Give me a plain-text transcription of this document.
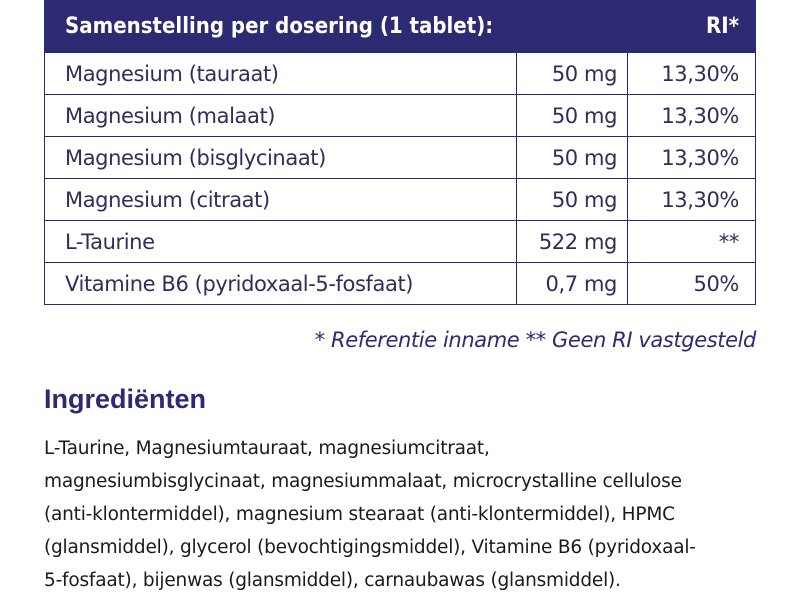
Samenstelling per dosering (1 tablet):	RI*
Magnesium (tauraat)	50 mg	13,30%
Magnesium (malaat)	50 mg	13,30%
Magnesium (bisglycinaat)	50 mg	13,30%
Magnesium (citraat)	50 mg	13,30%
L-Taurine	522 mg	**
Vitamine B6 (pyridoxaal-5-fosfaat)	0,7 mg	50%
* Referentie inname ** Geen RI vastgesteld
Ingrediënten
L-Taurine, Magnesiumtauraat, magnesiumcitraat,
magnesiumbisglycinaat, magnesiummalaat, microcrystalline cellulose
(anti-klontermiddel), magnesium stearaat (anti-klontermiddel), HPMC
(glansmiddel), glycerol (bevochtigingsmiddel), Vitamine B6 (pyridoxaal-
5-fosfaat), bijenwas (glansmiddel), carnaubawas (glansmiddel).
